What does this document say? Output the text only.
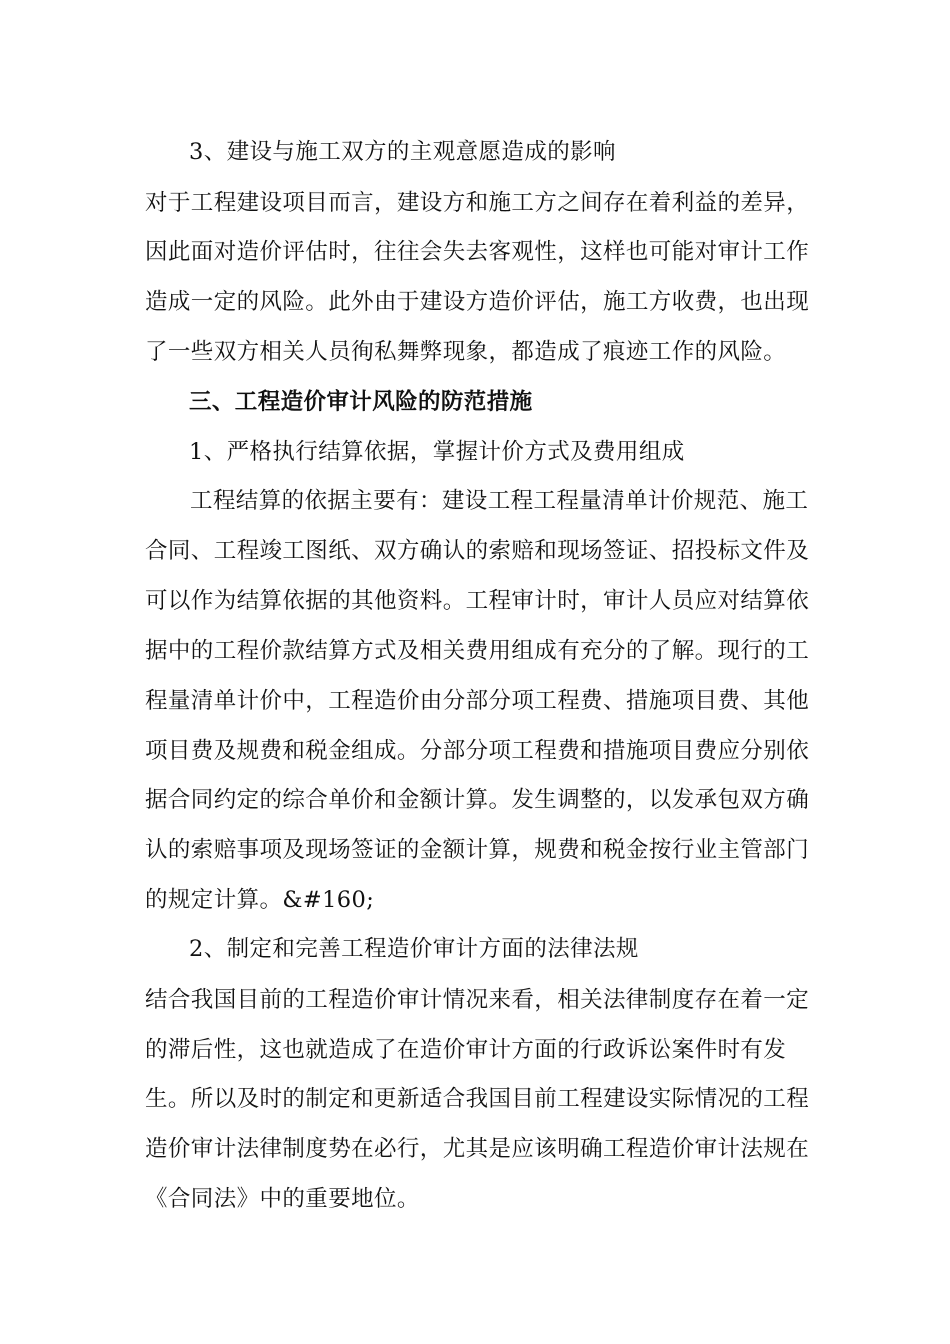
3、建设与施工双方的主观意愿造成的影响
对于工程建设项目而言，建设方和施工方之间存在着利益的差异，
因此面对造价评估时，往往会失去客观性，这样也可能对审计工作
造成一定的风险。此外由于建设方造价评估，施工方收费，也出现
了一些双方相关人员徇私舞弊现象，都造成了痕迹工作的风险。
三、工程造价审计风险的防范措施
1、严格执行结算依据，掌握计价方式及费用组成
工程结算的依据主要有：建设工程工程量清单计价规范、施工
合同、工程竣工图纸、双方确认的索赔和现场签证、招投标文件及
可以作为结算依据的其他资料。工程审计时，审计人员应对结算依
据中的工程价款结算方式及相关费用组成有充分的了解。现行的工
程量清单计价中，工程造价由分部分项工程费、措施项目费、其他
项目费及规费和税金组成。分部分项工程费和措施项目费应分别依
据合同约定的综合单价和金额计算。发生调整的，以发承包双方确
认的索赔事项及现场签证的金额计算，规费和税金按行业主管部门
的规定计算。&#160;
2、制定和完善工程造价审计方面的法律法规
结合我国目前的工程造价审计情况来看，相关法律制度存在着一定
的滞后性，这也就造成了在造价审计方面的行政诉讼案件时有发
生。所以及时的制定和更新适合我国目前工程建设实际情况的工程
造价审计法律制度势在必行，尤其是应该明确工程造价审计法规在
《合同法》中的重要地位。
